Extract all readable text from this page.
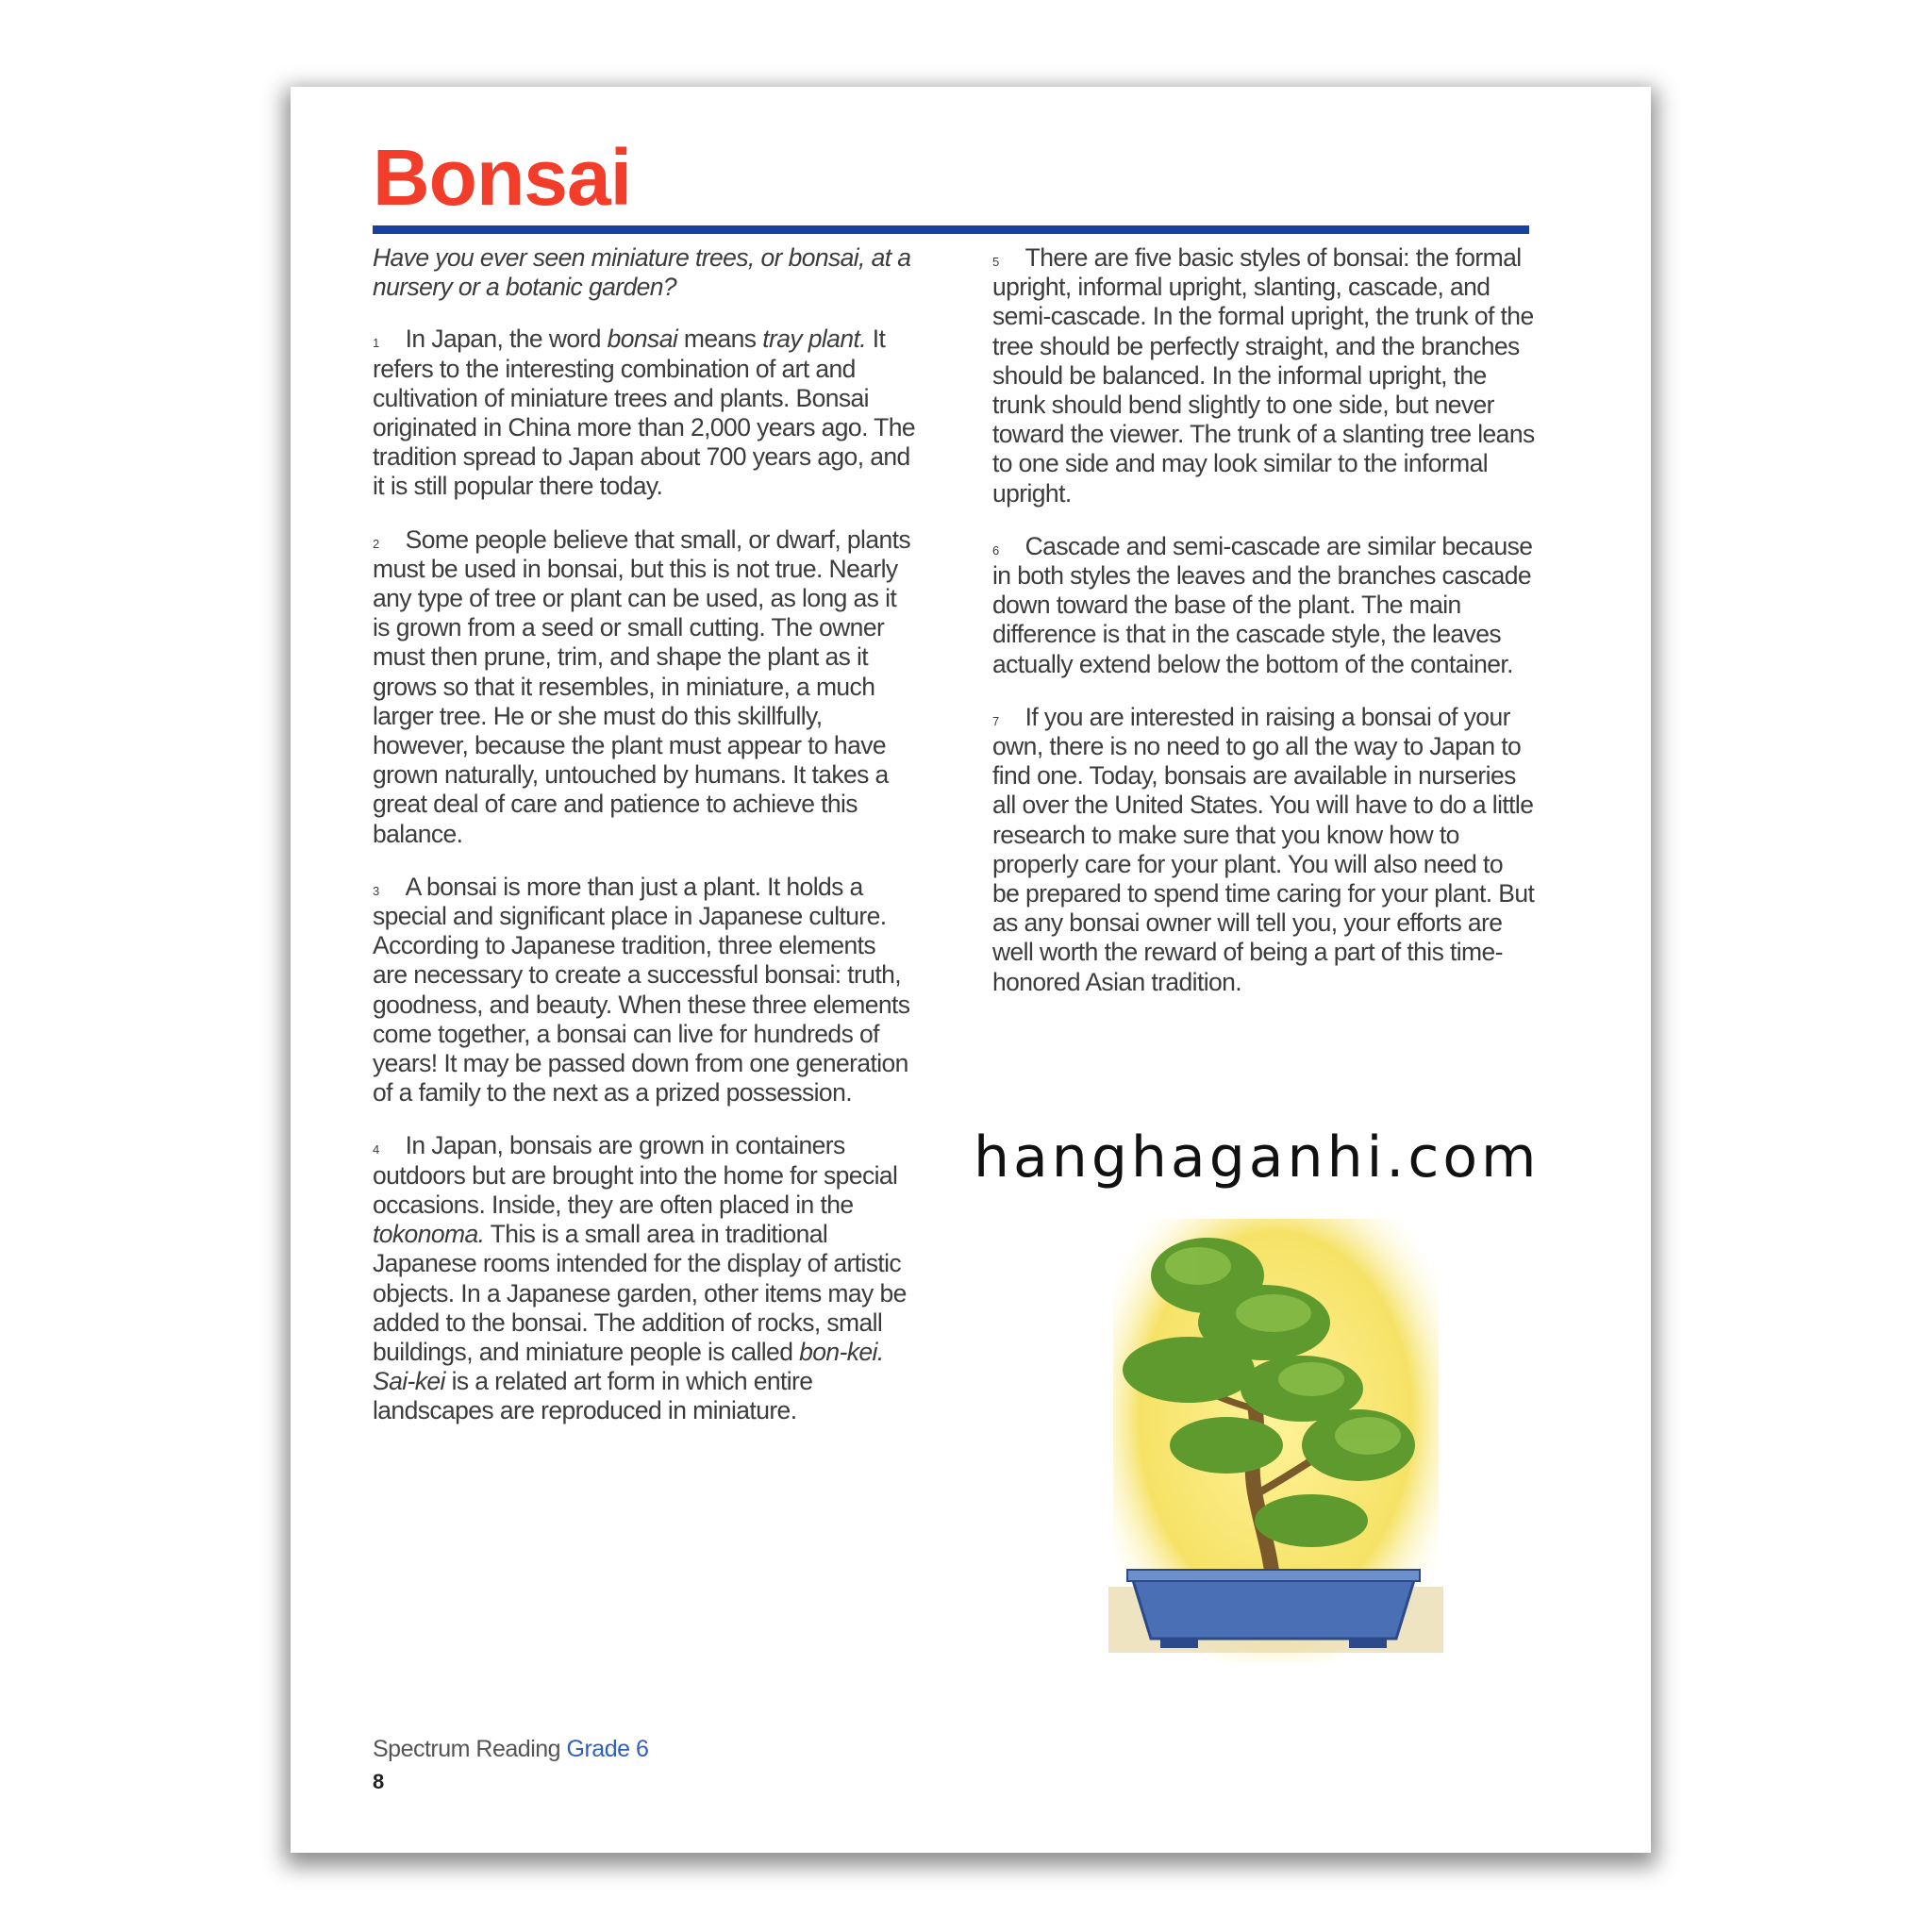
Bonsai

Have you ever seen miniature trees, or bonsai, at a nursery or a botanic garden?

$^1$ In Japan, the word bonsai means tray plant. It refers to the interesting combination of art and cultivation of miniature trees and plants. Bonsai originated in China more than 2,000 years ago. The tradition spread to Japan about 700 years ago, and it is still popular there today.

$^2$ Some people believe that small, or dwarf, plants must be used in bonsai, but this is not true. Nearly any type of tree or plant can be used, as long as it is grown from a seed or small cutting. The owner must then prune, trim, and shape the plant as it grows so that it resembles, in miniature, a much larger tree. He or she must do this skillfully, however, because the plant must appear to have grown naturally, untouched by humans. It takes a great deal of care and patience to achieve this balance.

$^3$ A bonsai is more than just a plant. It holds a special and significant place in Japanese culture. According to Japanese tradition, three elements are necessary to create a successful bonsai: truth, goodness, and beauty. When these three elements come together, a bonsai can live for hundreds of years! It may be passed down from one generation of a family to the next as a prized possession.

$^4$ In Japan, bonsais are grown in containers outdoors but are brought into the home for special occasions. Inside, they are often placed in the tokonoma. This is a small area in traditional Japanese rooms intended for the display of artistic objects. In a Japanese garden, other items may be added to the bonsai. The addition of rocks, small buildings, and miniature people is called bon-kei. Sai-kei is a related art form in which entire landscapes are reproduced in miniature.

$^5$ There are five basic styles of bonsai: the formal upright, informal upright, slanting, cascade, and semi-cascade. In the formal upright, the trunk of the tree should be perfectly straight, and the branches should be balanced. In the informal upright, the trunk should bend slightly to one side, but never toward the viewer. The trunk of a slanting tree leans to one side and may look similar to the informal upright.

$^6$ Cascade and semi-cascade are similar because in both styles the leaves and the branches cascade down toward the base of the plant. The main difference is that in the cascade style, the leaves actually extend below the bottom of the container.

$^7$ If you are interested in raising a bonsai of your own, there is no need to go all the way to Japan to find one. Today, bonsais are available in nurseries all over the United States. You will have to do a little research to make sure that you know how to properly care for your plant. You will also need to be prepared to spend time caring for your plant. But as any bonsai owner will tell you, your efforts are well worth the reward of being a part of this time-honored Asian tradition.

hanghaganhi.com
Spectrum Reading Grade 6
8
